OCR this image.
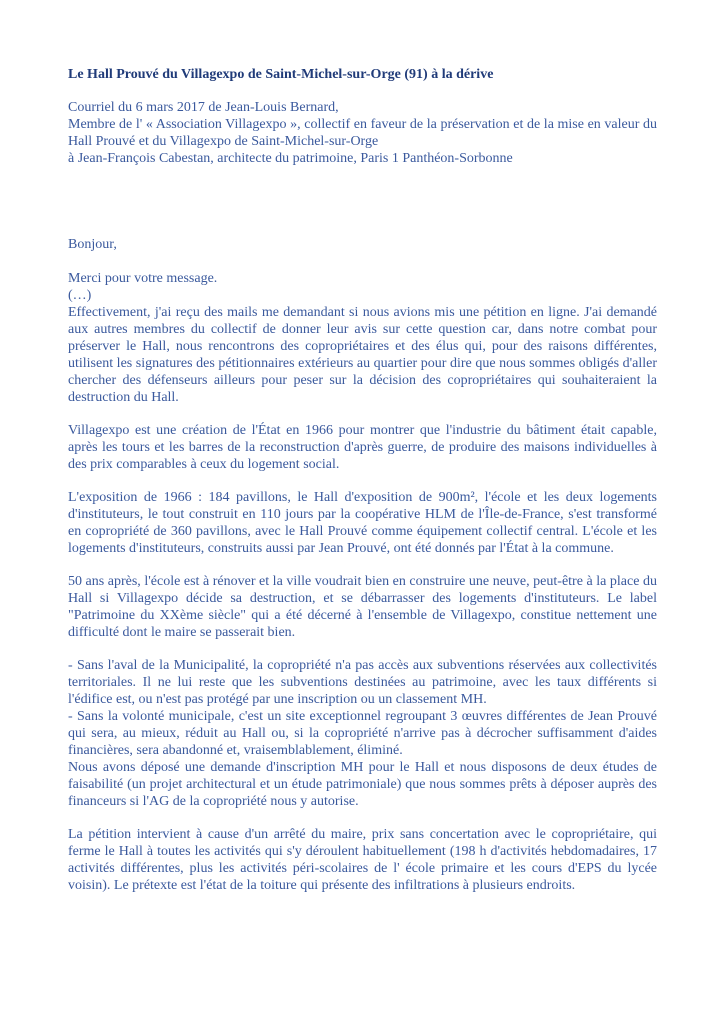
Le Hall Prouvé du Villagexpo de Saint-Michel-sur-Orge (91) à la dérive

Courriel du 6 mars 2017 de Jean-Louis Bernard,

Membre de l' « Association Villagexpo », collectif en faveur de la préservation et de la mise en valeur du Hall Prouvé et du Villagexpo de Saint-Michel-sur-Orge

à Jean-François Cabestan, architecte du patrimoine, Paris 1 Panthéon-Sorbonne

Bonjour,

Merci pour votre message.

(…)

Effectivement, j'ai reçu des mails me demandant si nous avions mis une pétition en ligne. J'ai demandé aux autres membres du collectif de donner leur avis sur cette question car, dans notre combat pour préserver le Hall, nous rencontrons des copropriétaires et des élus qui, pour des raisons différentes, utilisent les signatures des pétitionnaires extérieurs au quartier pour dire que nous sommes obligés d'aller chercher des défenseurs ailleurs pour peser sur la décision des copropriétaires qui souhaiteraient la destruction du Hall.

Villagexpo est une création de l'État en 1966 pour montrer que l'industrie du bâtiment était capable, après les tours et les barres de la reconstruction d'après guerre, de produire des maisons individuelles à des prix comparables à ceux du logement social.

L'exposition de 1966 : 184 pavillons, le Hall d'exposition de 900m², l'école et les deux logements d'instituteurs, le tout construit en 110 jours par la coopérative HLM de l'Île-de-France, s'est transformé en copropriété de 360 pavillons, avec le Hall Prouvé comme équipement collectif central. L'école et les logements d'instituteurs, construits aussi par Jean Prouvé, ont été donnés par l'État à la commune.

50 ans après, l'école est à rénover et la ville voudrait bien en construire une neuve, peut-être à la place du Hall si Villagexpo décide sa destruction, et se débarrasser des logements d'instituteurs. Le label "Patrimoine du XXème siècle" qui a été décerné à l'ensemble de Villagexpo, constitue nettement une difficulté dont le maire se passerait bien.

- Sans l'aval de la Municipalité, la copropriété n'a pas accès aux subventions réservées aux collectivités territoriales. Il ne lui reste que les subventions destinées au patrimoine, avec les taux différents si l'édifice est, ou n'est pas protégé par une inscription ou un classement MH.

- Sans la volonté municipale, c'est un site exceptionnel regroupant 3 œuvres différentes de Jean Prouvé qui sera, au mieux, réduit au Hall ou, si la copropriété n'arrive pas à décrocher suffisamment d'aides financières, sera abandonné et, vraisemblablement, éliminé.

Nous avons déposé une demande d'inscription MH pour le Hall et nous disposons de deux études de faisabilité (un projet architectural et un étude patrimoniale) que nous sommes prêts à déposer auprès des financeurs si l'AG de la copropriété nous y autorise.

La pétition intervient à cause d'un arrêté du maire, prix sans concertation avec le copropriétaire, qui ferme le Hall à toutes les activités qui s'y déroulent habituellement (198 h d'activités hebdomadaires, 17 activités différentes, plus les activités péri-scolaires de l' école primaire et les cours d'EPS du lycée voisin). Le prétexte est l'état de la toiture qui présente des infiltrations à plusieurs endroits.
